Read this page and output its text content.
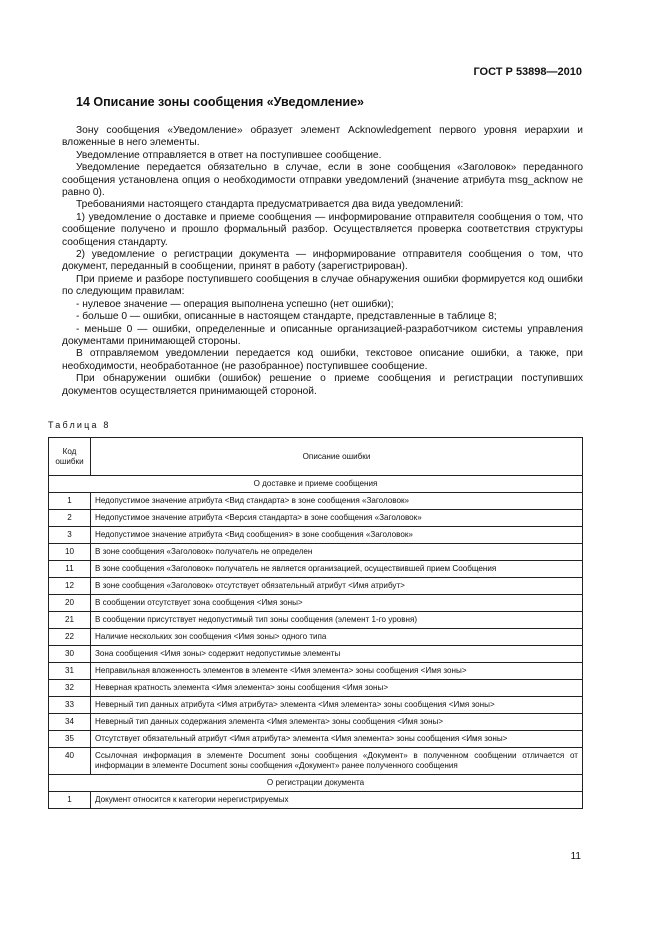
ГОСТ Р 53898—2010
14 Описание зоны сообщения «Уведомление»

Зону сообщения «Уведомление» образует элемент Acknowledgement первого уровня иерархии и вложенные в него элементы.

Уведомление отправляется в ответ на поступившее сообщение.

Уведомление передается обязательно в случае, если в зоне сообщения «Заголовок» переданного сообщения установлена опция о необходимости отправки уведомлений (значение атрибута msg_acknow не равно 0).

Требованиями настоящего стандарта предусматривается два вида уведомлений:

1) уведомление о доставке и приеме сообщения — информирование отправителя сообщения о том, что сообщение получено и прошло формальный разбор. Осуществляется проверка соответствия структуры сообщения стандарту.

2) уведомление о регистрации документа — информирование отправителя сообщения о том, что документ, переданный в сообщении, принят в работу (зарегистрирован).

При приеме и разборе поступившего сообщения в случае обнаружения ошибки формируется код ошибки по следующим правилам:

- нулевое значение — операция выполнена успешно (нет ошибки);

- больше 0 — ошибки, описанные в настоящем стандарте, представленные в таблице 8;

- меньше 0 — ошибки, определенные и описанные организацией-разработчиком системы управления документами принимающей стороны.

В отправляемом уведомлении передается код ошибки, текстовое описание ошибки, а также, при необходимости, необработанное (не разобранное) поступившее сообщение.

При обнаружении ошибки (ошибок) решение о приеме сообщения и регистрации поступивших документов осуществляется принимающей стороной.

Таблица 8
Код ошибки	Описание ошибки
О доставке и приеме сообщения	
1	Недопустимое значение атрибута <Вид стандарта> в зоне сообщения «Заголовок»
2	Недопустимое значение атрибута <Версия стандарта> в зоне сообщения «Заголовок»
3	Недопустимое значение атрибута <Вид сообщения> в зоне сообщения «Заголовок»
10	В зоне сообщения «Заголовок» получатель не определен
11	В зоне сообщения «Заголовок» получатель не является организацией, осуществившей прием Сообщения
12	В зоне сообщения «Заголовок» отсутствует обязательный атрибут <Имя атрибут>
20	В сообщении отсутствует зона сообщения <Имя зоны>
21	В сообщении присутствует недопустимый тип зоны сообщения (элемент 1-го уровня)
22	Наличие нескольких зон сообщения <Имя зоны> одного типа
30	Зона сообщения <Имя зоны> содержит недопустимые элементы
31	Неправильная вложенность элементов в элементе <Имя элемента> зоны сообщения <Имя зоны>
32	Неверная кратность элемента <Имя элемента> зоны сообщения <Имя зоны>
33	Неверный тип данных атрибута <Имя атрибута> элемента <Имя элемента> зоны сообщения <Имя зоны>
34	Неверный тип данных содержания элемента <Имя элемента> зоны сообщения <Имя зоны>
35	Отсутствует обязательный атрибут <Имя атрибута> элемента <Имя элемента> зоны сообщения <Имя зоны>
40	Ссылочная информация в элементе Document зоны сообщения «Документ» в полученном сообщении отличается от информации в элементе Document зоны сообщения «Документ» ранее полученного сообщения
О регистрации документа	
1	Документ относится к категории нерегистрируемых
11
